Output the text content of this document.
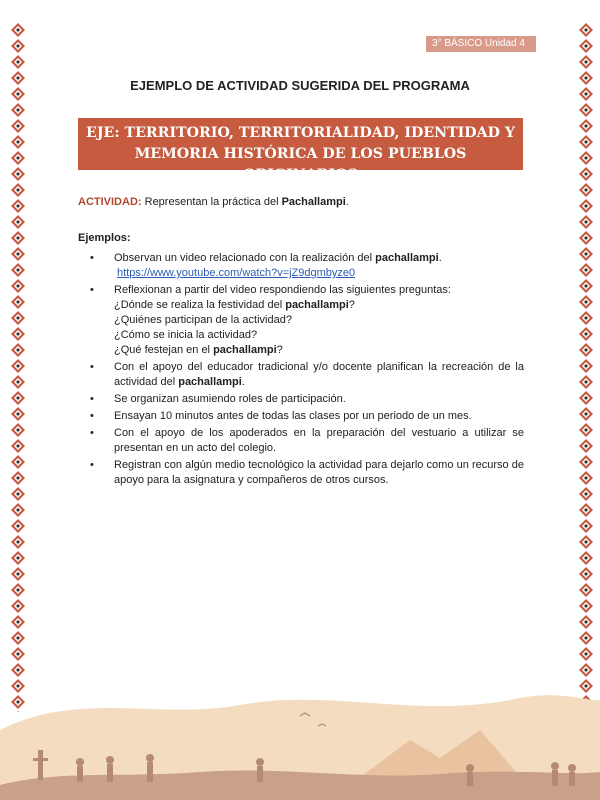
3° BÁSICO Unidad 4
EJEMPLO DE ACTIVIDAD SUGERIDA DEL PROGRAMA
EJE: TERRITORIO, TERRITORIALIDAD, IDENTIDAD Y
MEMORIA HISTÓRICA DE LOS PUEBLOS ORIGINARIOS
ACTIVIDAD: Representan la práctica del Pachallampi.
Ejemplos:
• Observan un video relacionado con la realización del pachallampi.
https://www.youtube.com/watch?v=jZ9dgmbyze0
• Reflexionan a partir del video respondiendo las siguientes preguntas:
¿Dónde se realiza la festividad del pachallampi?
¿Quiénes participan de la actividad?
¿Cómo se inicia la actividad?
¿Qué festejan en el pachallampi?
• Con el apoyo del educador tradicional y/o docente planifican la recreación de la actividad del pachallampi.
• Se organizan asumiendo roles de participación.
• Ensayan 10 minutos antes de todas las clases por un periodo de un mes.
• Con el apoyo de los apoderados en la preparación del vestuario a utilizar se presentan en un acto del colegio.
• Registran con algún medio tecnológico la actividad para dejarlo como un recurso de apoyo para la asignatura y compañeros de otros cursos.
